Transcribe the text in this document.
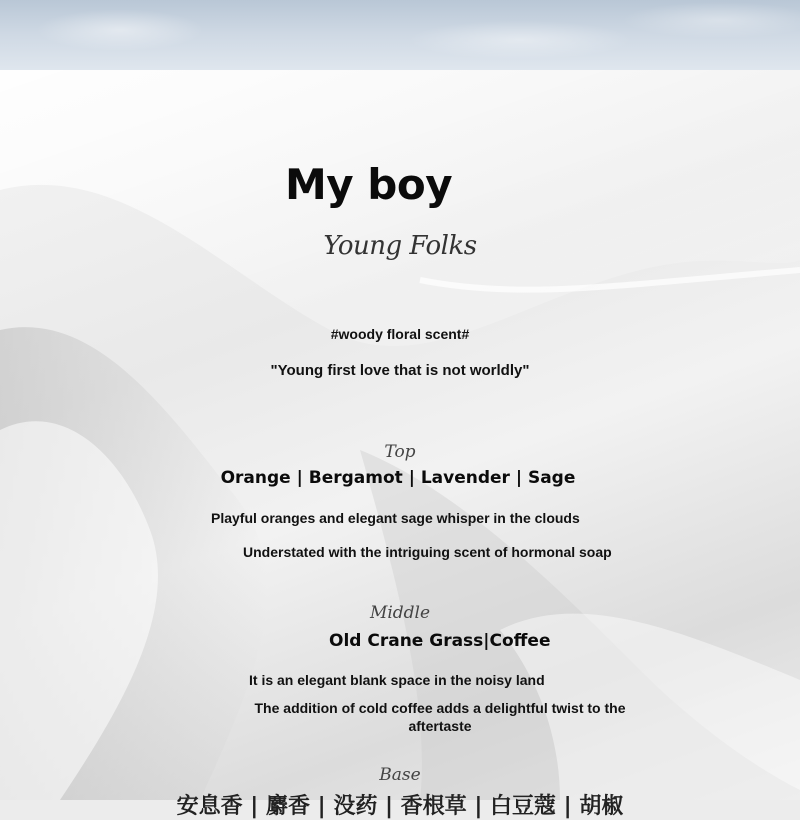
My boy
Young Folks
#woody floral scent#
"Young first love that is not worldly"
Top
Orange | Bergamot | Lavender | Sage
Playful oranges and elegant sage whisper in the clouds
Understated with the intriguing scent of hormonal soap
Middle
Old Crane Grass|Coffee
It is an elegant blank space in the noisy land
The addition of cold coffee adds a delightful twist to the aftertaste
Base
安息香 | 麝香 | 没药 | 香根草 | 白豆蔻 | 胡椒
